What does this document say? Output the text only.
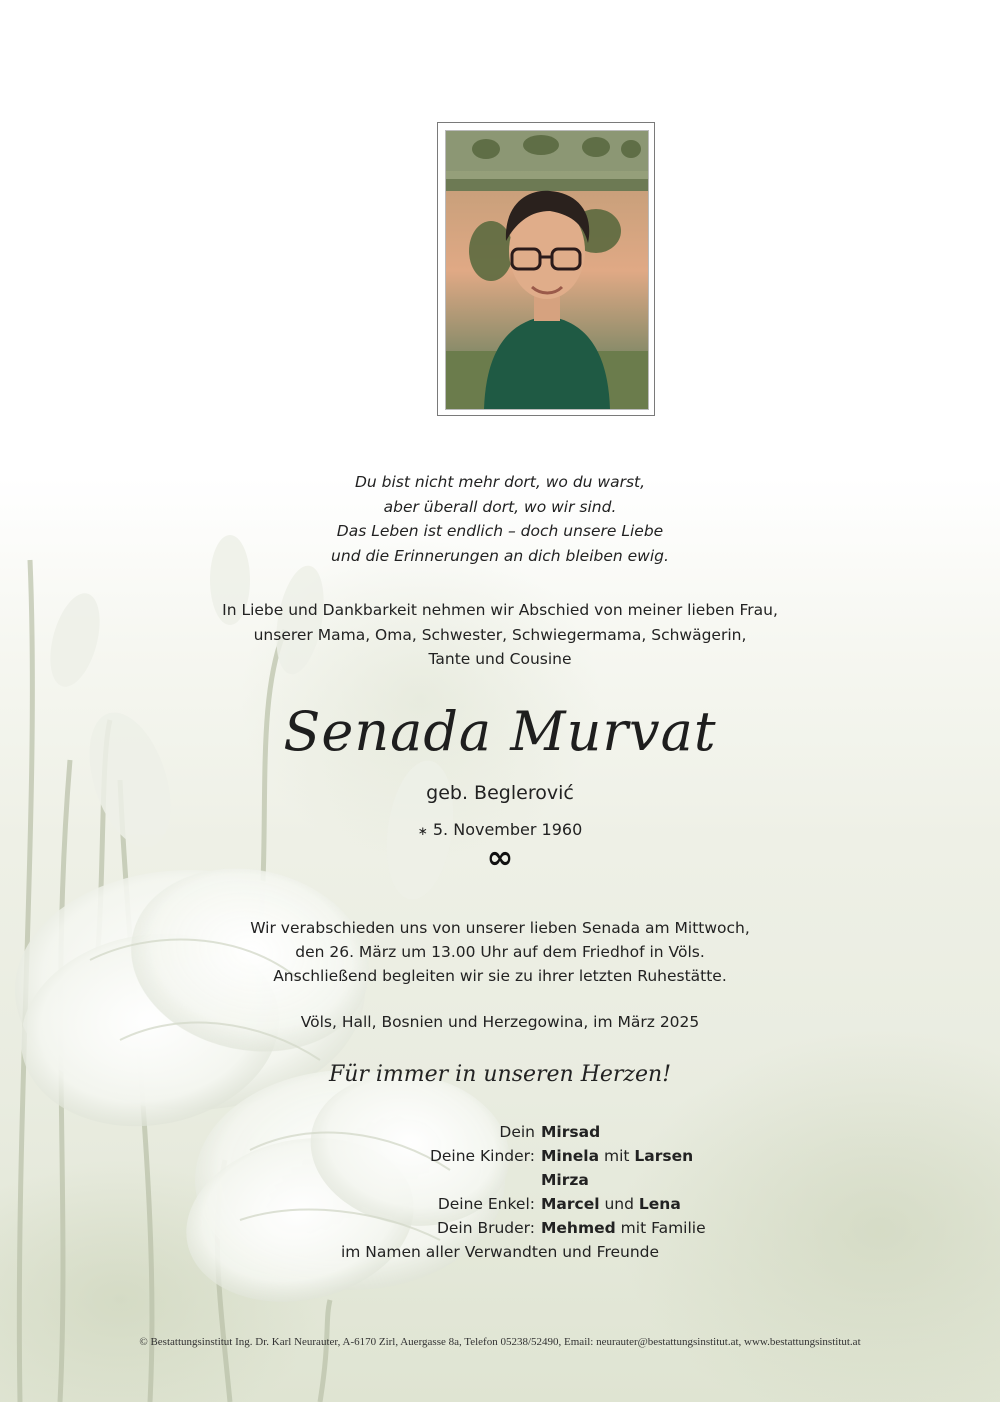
Du bist nicht mehr dort, wo du warst,
aber überall dort, wo wir sind.
Das Leben ist endlich – doch unsere Liebe
und die Erinnerungen an dich bleiben ewig.
In Liebe und Dankbarkeit nehmen wir Abschied von meiner lieben Frau,
unserer Mama, Oma, Schwester, Schwiegermama, Schwägerin,
Tante und Cousine
Senada Murvat
geb. Beglerović
∗ 5. November 1960
∞
Wir verabschieden uns von unserer lieben Senada am Mittwoch,
den 26. März um 13.00 Uhr auf dem Friedhof in Völs.
Anschließend begleiten wir sie zu ihrer letzten Ruhestätte.
Völs, Hall, Bosnien und Herzegowina, im März 2025
Für immer in unseren Herzen!
Dein Mirsad
Deine Kinder: Minela mit Larsen
Mirza
Deine Enkel: Marcel und Lena
Dein Bruder: Mehmed mit Familie
im Namen aller Verwandten und Freunde
© Bestattungsinstitut Ing. Dr. Karl Neurauter, A-6170 Zirl, Auergasse 8a, Telefon 05238/52490, Email: neurauter@bestattungsinstitut.at, www.bestattungsinstitut.at
